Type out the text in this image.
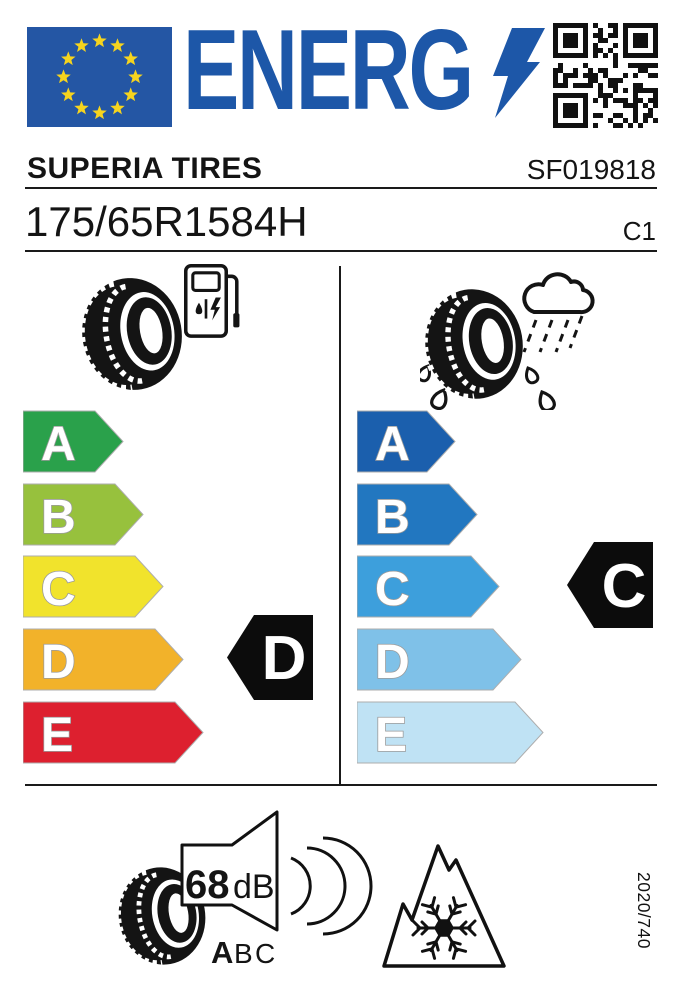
ENERG
SUPERIA TIRES	SF019818
175/65R1584H	C1
A
B
C
D
E
D
A
B
C
D
E
C
68 dB
A B C
2020/740
